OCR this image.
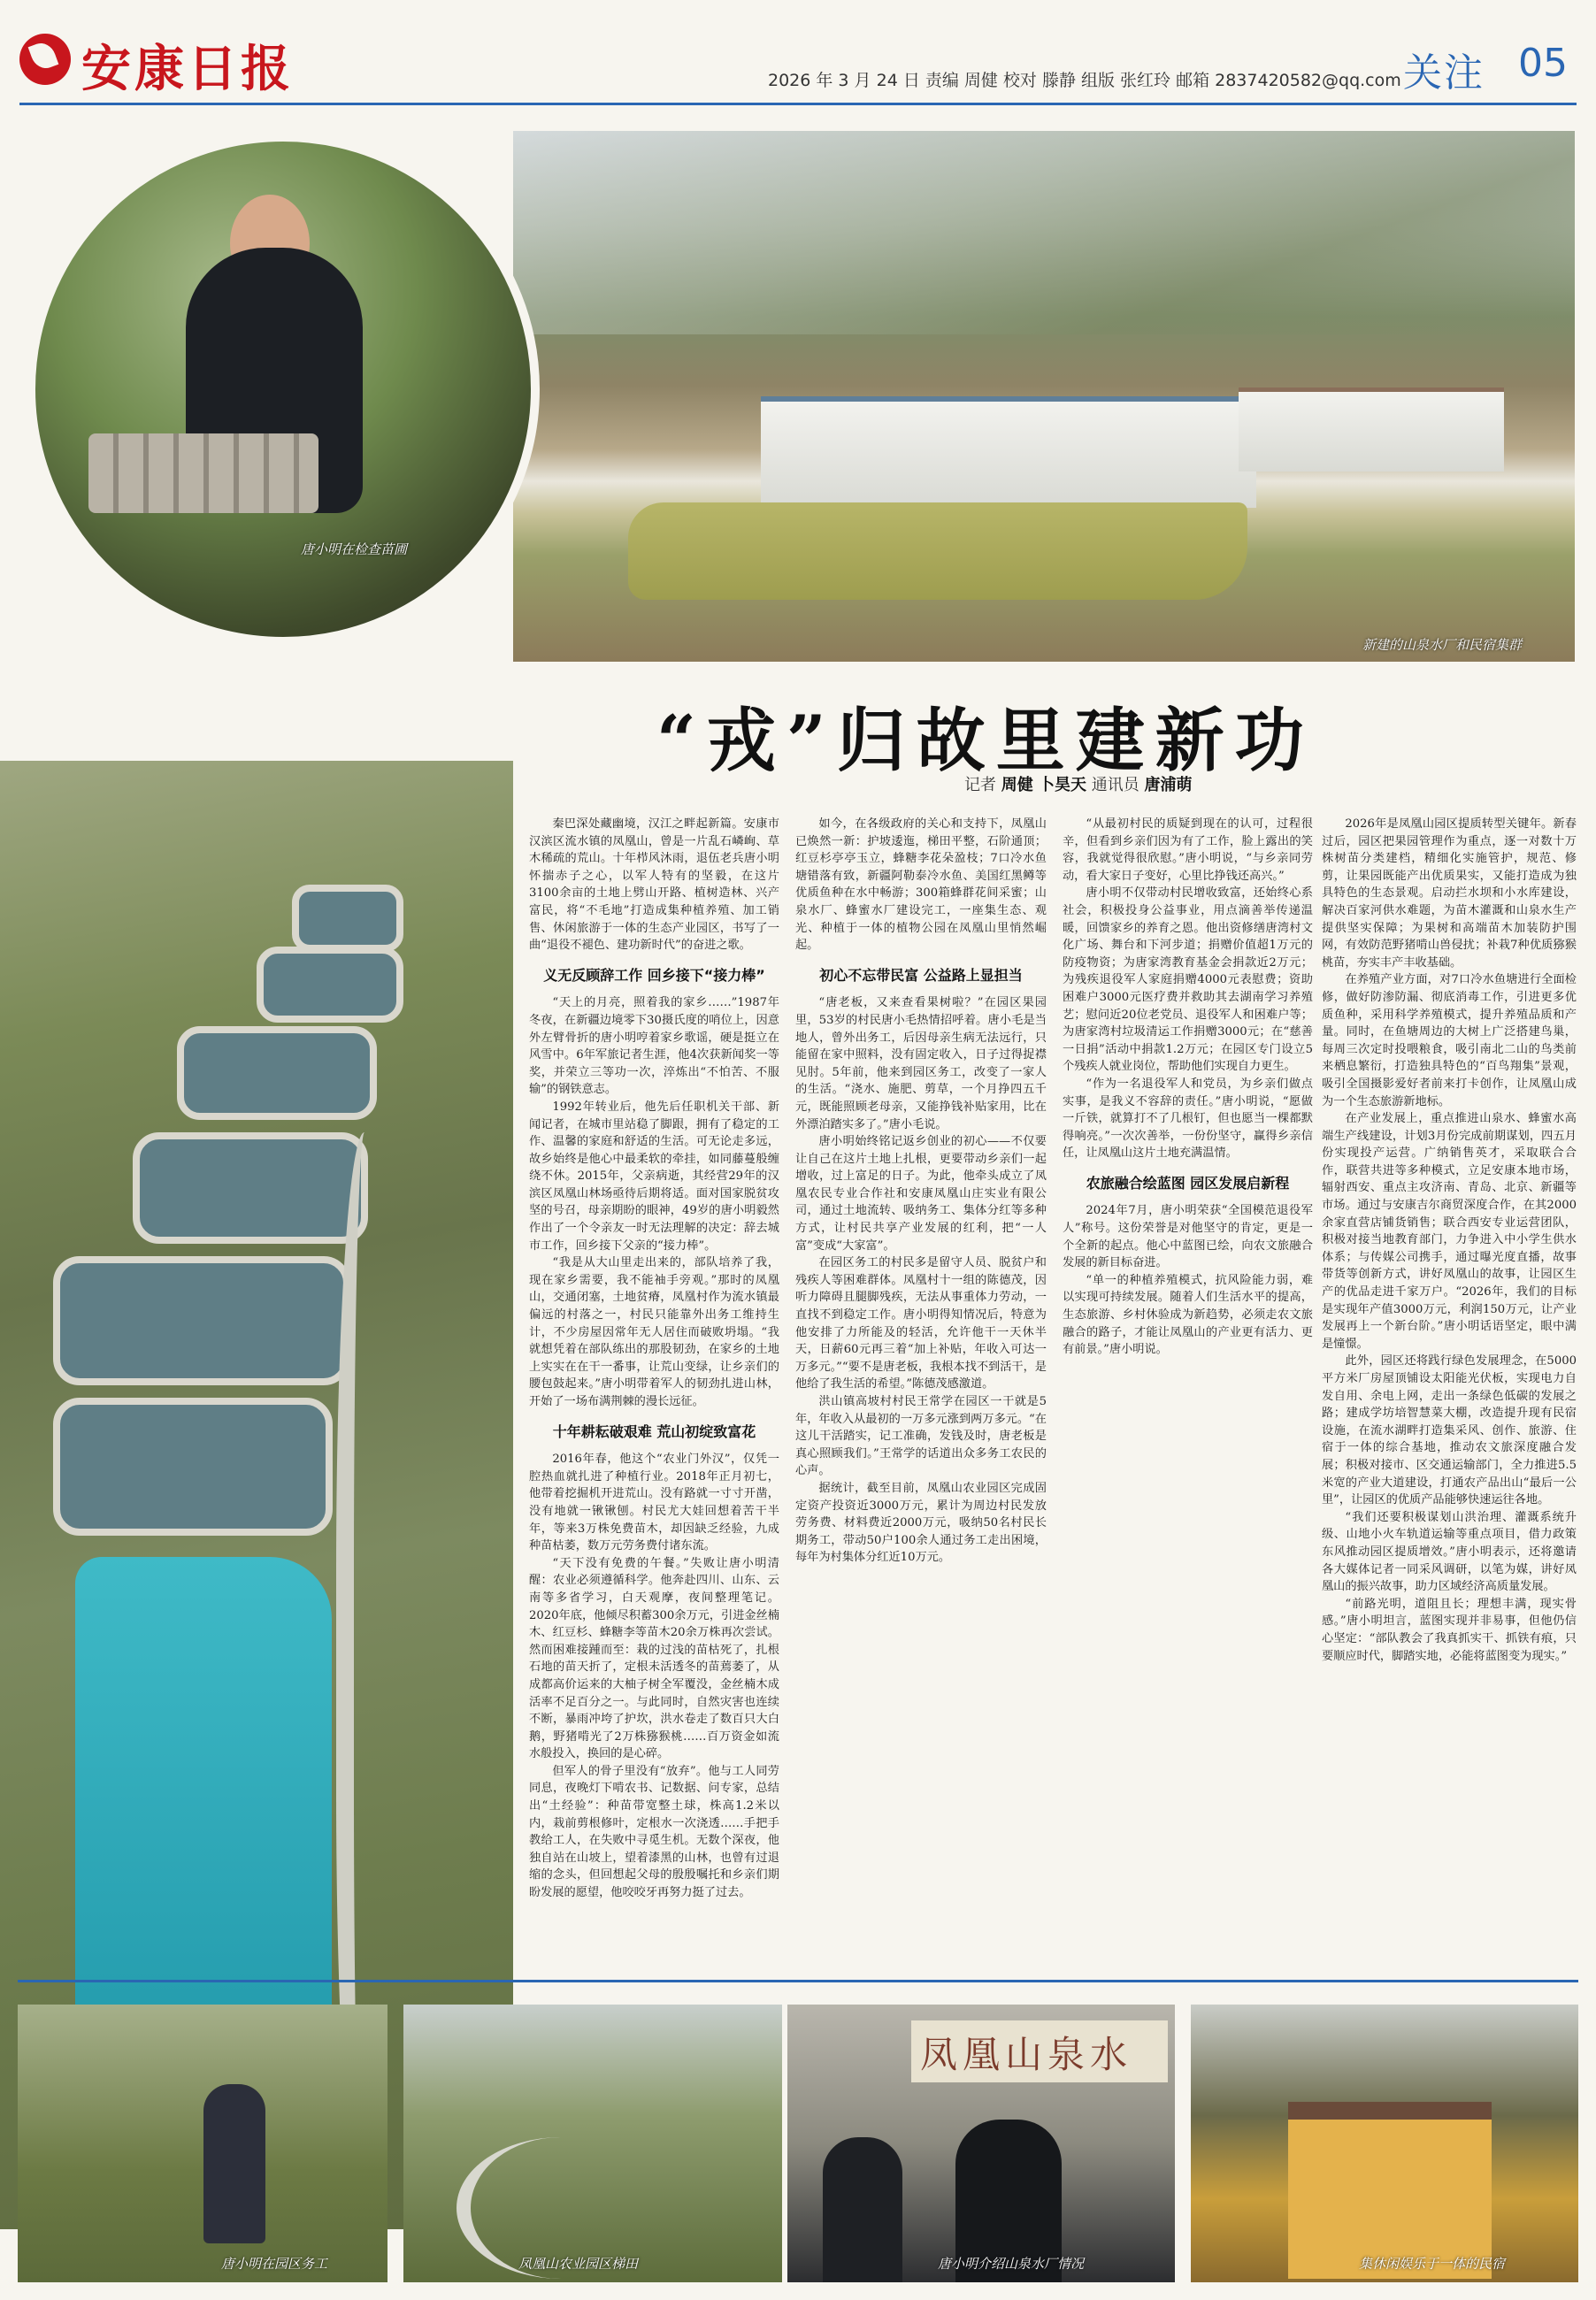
安康日报	2026 年 3 月 24 日 责编 周健 校对 滕静 组版 张红玲 邮箱 2837420582@qq.com 关注 05
新建的山泉水厂和民宿集群
唐小明在检查苗圃
“戎”归故里建新功
记者 周健 卜昊天 通讯员 唐浦萌

秦巴深处藏幽境，汉江之畔起新篇。安康市汉滨区流水镇的凤凰山，曾是一片乱石嶙峋、草木稀疏的荒山。十年栉风沐雨，退伍老兵唐小明怀揣赤子之心，以军人特有的坚毅，在这片3100余亩的土地上劈山开路、植树造林、兴产富民，将“不毛地”打造成集种植养殖、加工销售、休闲旅游于一体的生态产业园区，书写了一曲“退役不褪色、建功新时代”的奋进之歌。

义无反顾辞工作 回乡接下“接力棒”

“天上的月亮，照着我的家乡……”1987年冬夜，在新疆边境零下30摄氏度的哨位上，因意外左臂骨折的唐小明哼着家乡歌谣，硬是挺立在风雪中。6年军旅记者生涯，他4次获新闻奖一等奖，并荣立三等功一次，淬炼出“不怕苦、不服输”的钢铁意志。

1992年转业后，他先后任职机关干部、新闻记者，在城市里站稳了脚跟，拥有了稳定的工作、温馨的家庭和舒适的生活。可无论走多远，故乡始终是他心中最柔软的牵挂，如同藤蔓般缠绕不休。2015年，父亲病逝，其经营29年的汉滨区凤凰山林场亟待后期将适。面对国家脱贫攻坚的号召，母亲期盼的眼神，49岁的唐小明毅然作出了一个令亲友一时无法理解的决定：辞去城市工作，回乡接下父亲的“接力棒”。

“我是从大山里走出来的，部队培养了我，现在家乡需要，我不能袖手旁观。”那时的凤凰山，交通闭塞，土地贫瘠，凤凰村作为流水镇最偏远的村落之一，村民只能靠外出务工维持生计，不少房屋因常年无人居住而破败坍塌。“我就想凭着在部队练出的那股韧劲，在家乡的土地上实实在在干一番事，让荒山变绿，让乡亲们的腰包鼓起来。”唐小明带着军人的韧劲扎进山林，开始了一场布满荆棘的漫长远征。

十年耕耘破艰难 荒山初绽致富花

2016年春，他这个“农业门外汉”，仅凭一腔热血就扎进了种植行业。2018年正月初七，他带着挖掘机开进荒山。没有路就一寸寸开凿，没有地就一锹锹刨。村民尤大娃回想着苦干半年，等来3万株免费苗木，却因缺乏经验，九成种苗枯萎，数万元劳务费付诸东流。

“天下没有免费的午餐。”失败让唐小明清醒：农业必须遵循科学。他奔赴四川、山东、云南等多省学习，白天观摩，夜间整理笔记。2020年底，他倾尽积蓄300余万元，引进金丝楠木、红豆杉、蜂糖李等苗木20余万株再次尝试。然而困难接踵而至：栽的过浅的苗枯死了，扎根石地的苗天折了，定根未活透冬的苗蔫萎了，从成都高价运来的大柚子树全军覆没，金丝楠木成活率不足百分之一。与此同时，自然灾害也连续不断，暴雨冲垮了护坎，洪水卷走了数百只大白鹅，野猪啃光了2万株猕猴桃……百万资金如流水般投入，换回的是心碎。

但军人的骨子里没有“放弃”。他与工人同劳同息，夜晚灯下啃农书、记数据、问专家，总结出“土经验”：种苗带宽整土球，株高1.2米以内，栽前剪根修叶，定根水一次浇透……手把手教给工人，在失败中寻觅生机。无数个深夜，他独自站在山坡上，望着漆黑的山林，也曾有过退缩的念头，但回想起父母的殷殷嘱托和乡亲们期盼发展的愿望，他咬咬牙再努力挺了过去。

如今，在各级政府的关心和支持下，凤凰山已焕然一新：护坡逶迤，梯田平整，石阶通顶；红豆杉亭亭玉立，蜂糖李花朵盈枝；7口冷水鱼塘错落有致，新疆阿勒泰冷水鱼、美国红黑鳟等优质鱼种在水中畅游；300箱蜂群花间采蜜；山泉水厂、蜂蜜水厂建设完工，一座集生态、观光、种植于一体的植物公园在凤凰山里悄然崛起。

初心不忘带民富 公益路上显担当

“唐老板，又来查看果树啦？”在园区果园里，53岁的村民唐小毛热情招呼着。唐小毛是当地人，曾外出务工，后因母亲生病无法远行，只能留在家中照料，没有固定收入，日子过得捉襟见肘。5年前，他来到园区务工，改变了一家人的生活。“浇水、施肥、剪草，一个月挣四五千元，既能照顾老母亲，又能挣钱补贴家用，比在外漂泊踏实多了。”唐小毛说。

唐小明始终铭记返乡创业的初心——不仅要让自己在这片土地上扎根，更要带动乡亲们一起增收，过上富足的日子。为此，他牵头成立了凤凰农民专业合作社和安康凤凰山庄实业有限公司，通过土地流转、吸纳务工、集体分红等多种方式，让村民共享产业发展的红利，把“一人富”变成“大家富”。

在园区务工的村民多是留守人员、脱贫户和残疾人等困难群体。凤凰村十一组的陈德茂，因听力障碍且腿脚残疾，无法从事重体力劳动，一直找不到稳定工作。唐小明得知情况后，特意为他安排了力所能及的轻活，允许他干一天休半天，日薪60元再三着“加上补贴，年收入可达一万多元。”“要不是唐老板，我根本找不到活干，是他给了我生活的希望。”陈德茂感激道。

洪山镇高坡村村民王常学在园区一干就是5年，年收入从最初的一万多元涨到两万多元。“在这儿干活踏实，记工准确，发钱及时，唐老板是真心照顾我们。”王常学的话道出众多务工农民的心声。

据统计，截至目前，凤凰山农业园区完成固定资产投资近3000万元，累计为周边村民发放劳务费、材料费近2000万元，吸纳50名村民长期务工，带动50户100余人通过务工走出困境，每年为村集体分红近10万元。

“从最初村民的质疑到现在的认可，过程很辛，但看到乡亲们因为有了工作，脸上露出的笑容，我就觉得很欣慰。”唐小明说，“与乡亲同劳动，看大家日子变好，心里比挣钱还高兴。”

唐小明不仅带动村民增收致富，还始终心系社会，积极投身公益事业，用点滴善举传递温暖，回馈家乡的养育之恩。他出资修缮唐湾村文化广场、舞台和下河步道；捐赠价值超1万元的防疫物资；为唐家湾教育基金会捐款近2万元；为残疾退役军人家庭捐赠4000元表慰费；资助困难户3000元医疗费并救助其去湖南学习养殖艺；慰问近20位老党员、退役军人和困难户等；为唐家湾村垃圾清运工作捐赠3000元；在“慈善一日捐”活动中捐款1.2万元；在园区专门设立5个残疾人就业岗位，帮助他们实现自力更生。

“作为一名退役军人和党员，为乡亲们做点实事，是我义不容辞的责任。”唐小明说，“愿做一斤铁，就算打不了几根钉，但也愿当一棵都默得响亮。”一次次善举，一份份坚守，赢得乡亲信任，让凤凰山这片土地充满温情。

农旅融合绘蓝图 园区发展启新程

2024年7月，唐小明荣获“全国模范退役军人”称号。这份荣誉是对他坚守的肯定，更是一个全新的起点。他心中蓝图已绘，向农文旅融合发展的新目标奋进。

“单一的种植养殖模式，抗风险能力弱，难以实现可持续发展。随着人们生活水平的提高，生态旅游、乡村休验成为新趋势，必须走农文旅融合的路子，才能让凤凰山的产业更有活力、更有前景。”唐小明说。

2026年是凤凰山园区提质转型关键年。新春过后，园区把果园管理作为重点，逐一对数十万株树苗分类建档，精细化实施管护，规范、修剪，让果园既能产出优质果实，又能打造成为独具特色的生态景观。启动拦水坝和小水库建设，解决百家河供水难题，为苗木灌溉和山泉水生产提供坚实保障；为果树和高端苗木加装防护围网，有效防范野猪啃山兽侵扰；补栽7种优质猕猴桃苗，夯实丰产丰收基础。

在养殖产业方面，对7口冷水鱼塘进行全面检修，做好防渗防漏、彻底消毒工作，引进更多优质鱼种，采用科学养殖模式，提升养殖品质和产量。同时，在鱼塘周边的大树上广泛搭建鸟巢，每周三次定时投喂粮食，吸引南北二山的鸟类前来栖息繁衍，打造独具特色的“百鸟翔集”景观，吸引全国摄影爱好者前来打卡创作，让凤凰山成为一个生态旅游新地标。

在产业发展上，重点推进山泉水、蜂蜜水高端生产线建设，计划3月份完成前期谋划，四五月份实现投产运营。广纳销售英才，采取联合合作，联营共进等多种模式，立足安康本地市场，辐射西安、重点主攻济南、青岛、北京、新疆等市场。通过与安康吉尔商贸深度合作，在其2000余家直营店铺货销售；联合西安专业运营团队，积极对接当地教育部门，力争进入中小学生供水体系；与传媒公司携手，通过曝光度直播，故事带货等创新方式，讲好凤凰山的故事，让园区生产的优品走进千家万户。“2026年，我们的目标是实现年产值3000万元，利润150万元，让产业发展再上一个新台阶。”唐小明话语坚定，眼中满是憧憬。

此外，园区还将践行绿色发展理念，在5000平方米厂房屋顶铺设太阳能光伏板，实现电力自发自用、余电上网，走出一条绿色低碳的发展之路；建成学坊培智慧菜大棚，改造提升现有民宿设施，在流水湖畔打造集采风、创作、旅游、住宿于一体的综合基地，推动农文旅深度融合发展；积极对接市、区交通运输部门，全力推进5.5米宽的产业大道建设，打通农产品出山“最后一公里”，让园区的优质产品能够快速运往各地。

“我们还要积极谋划山洪治理、灌溉系统升级、山地小火车轨道运输等重点项目，借力政策东风推动园区提质增效。”唐小明表示，还将邀请各大媒体记者一同采风调研，以笔为媒，讲好凤凰山的振兴故事，助力区域经济高质量发展。

“前路光明，道阻且长；理想丰满，现实骨感。”唐小明坦言，蓝图实现并非易事，但他仍信心坚定：“部队教会了我真抓实干、抓铁有痕，只要顺应时代，脚踏实地，必能将蓝图变为现实。”

唐小明在园区务工	凤凰山农业园区梯田
凤凰山泉水
唐小明介绍山泉水厂情况	集休闲娱乐于一体的民宿
